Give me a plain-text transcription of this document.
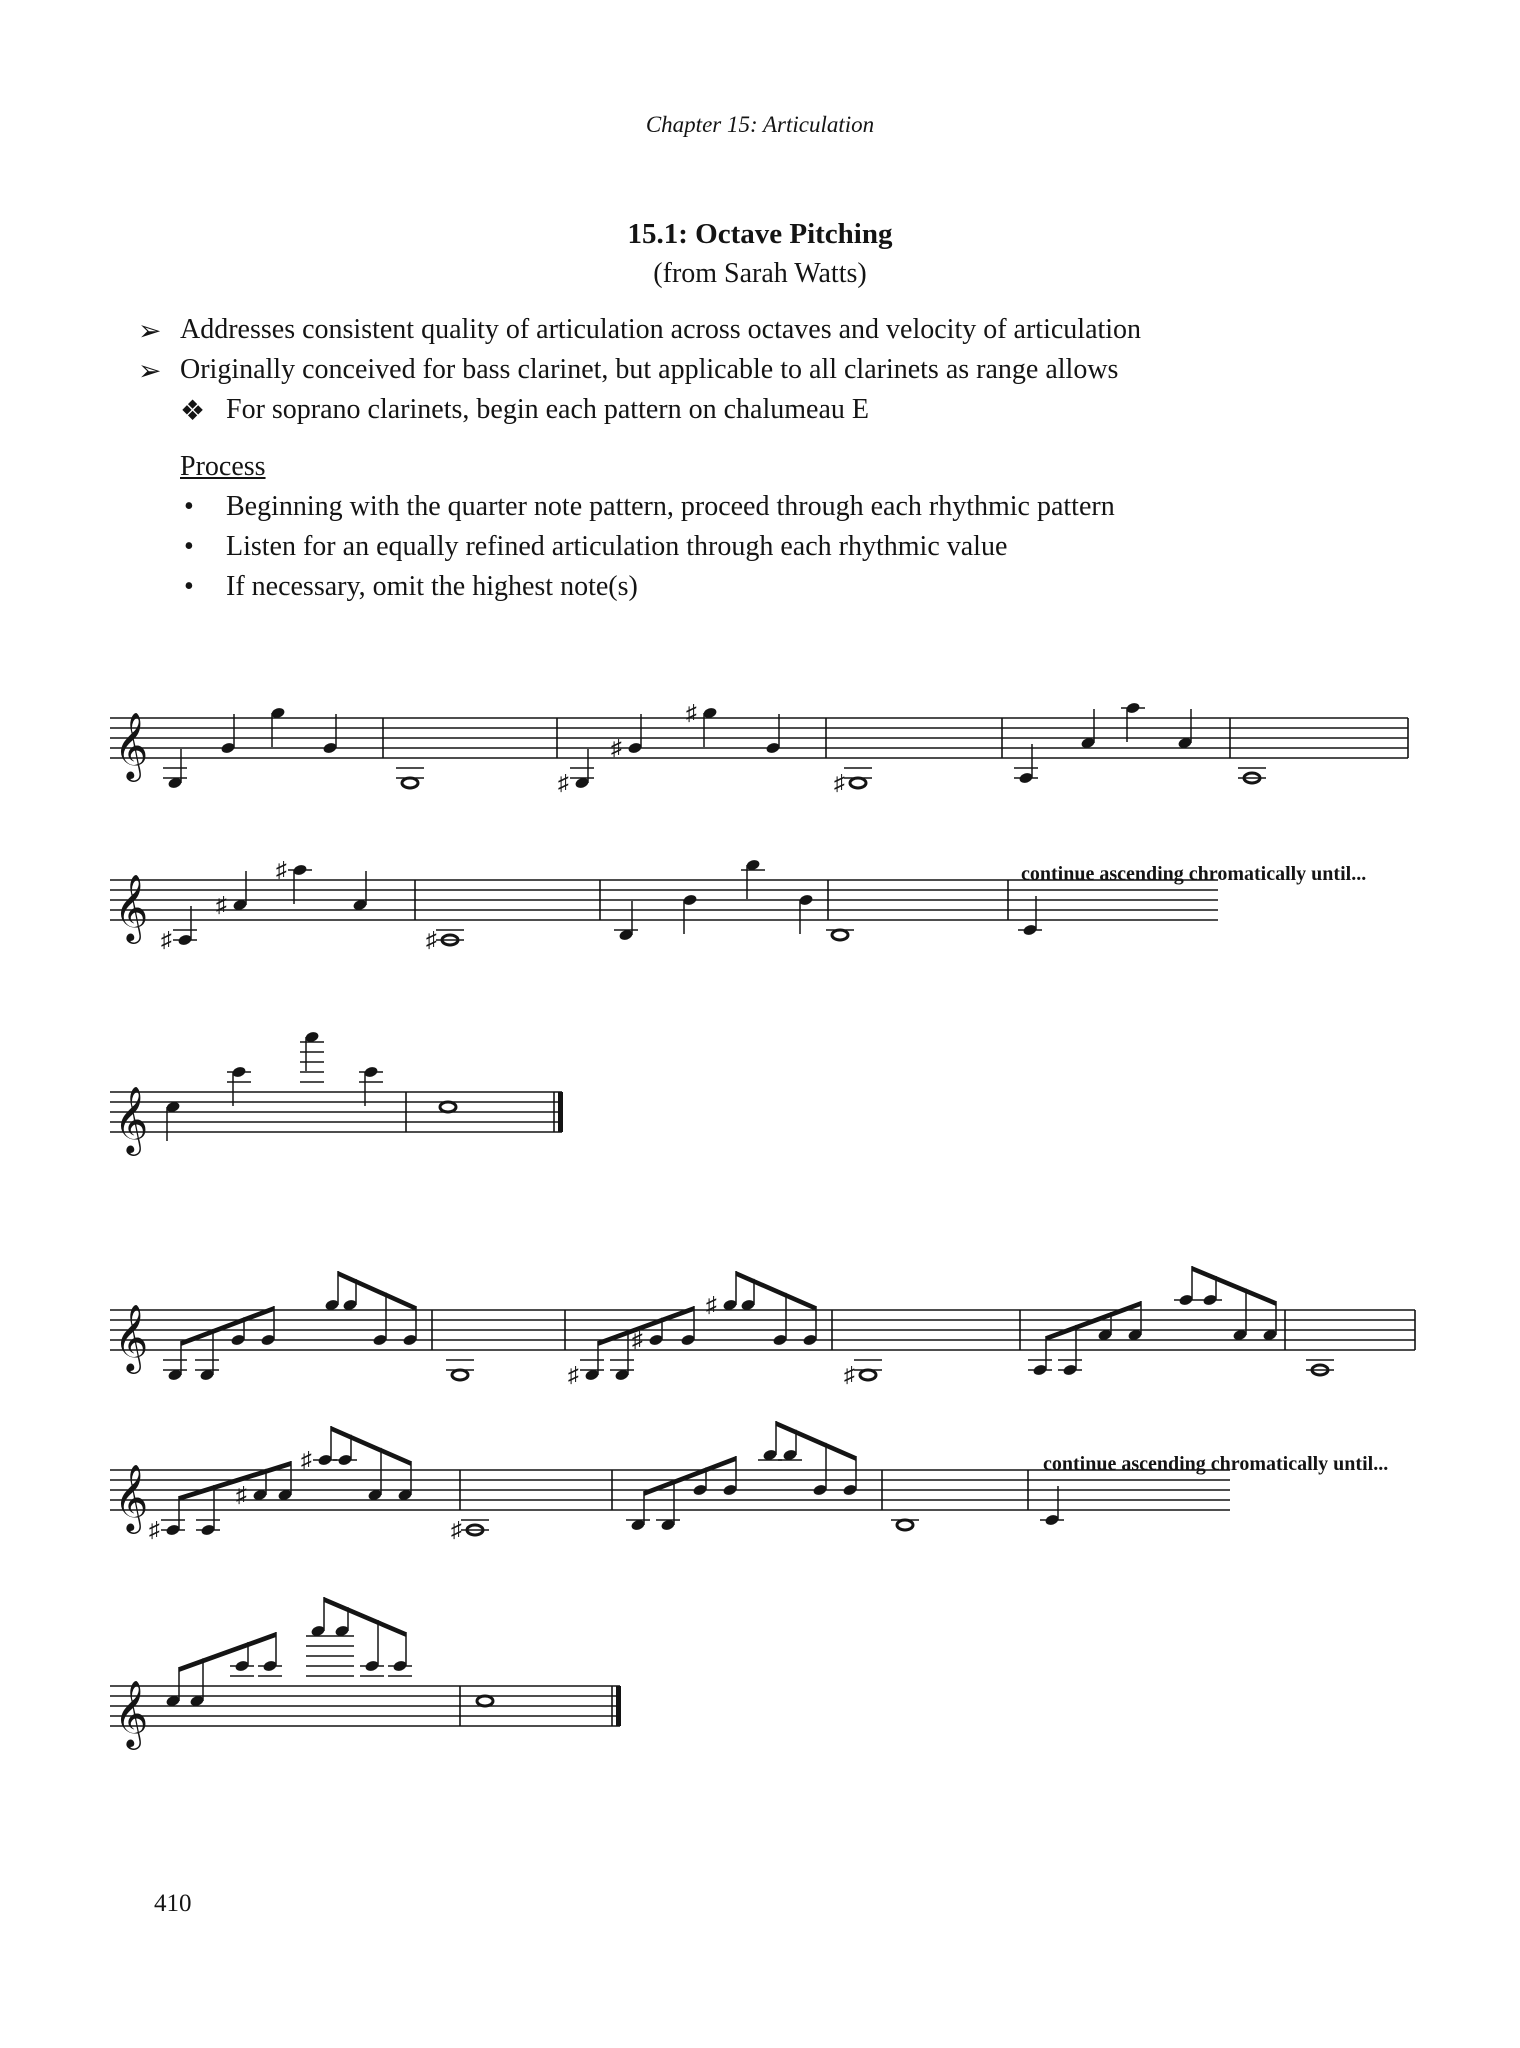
Chapter 15: Articulation
15.1: Octave Pitching
(from Sarah Watts)
➢ Addresses consistent quality of articulation across octaves and velocity of articulation
➢ Originally conceived for bass clarinet, but applicable to all clarinets as range allows
❖ For soprano clarinets, begin each pattern on chalumeau E
Process
• Beginning with the quarter note pattern, proceed through each rhythmic pattern
• Listen for an equally refined articulation through each rhythmic value
• If necessary, omit the highest note(s)
𝄞
♯
♯
♯
♯
𝄞 ♯
♯
♯
♯
𝄞
𝄞
♯
♯
♯
♯
𝄞 ♯
♯
♯
♯
𝄞
continue ascending chromatically until...
continue ascending chromatically until...
410
